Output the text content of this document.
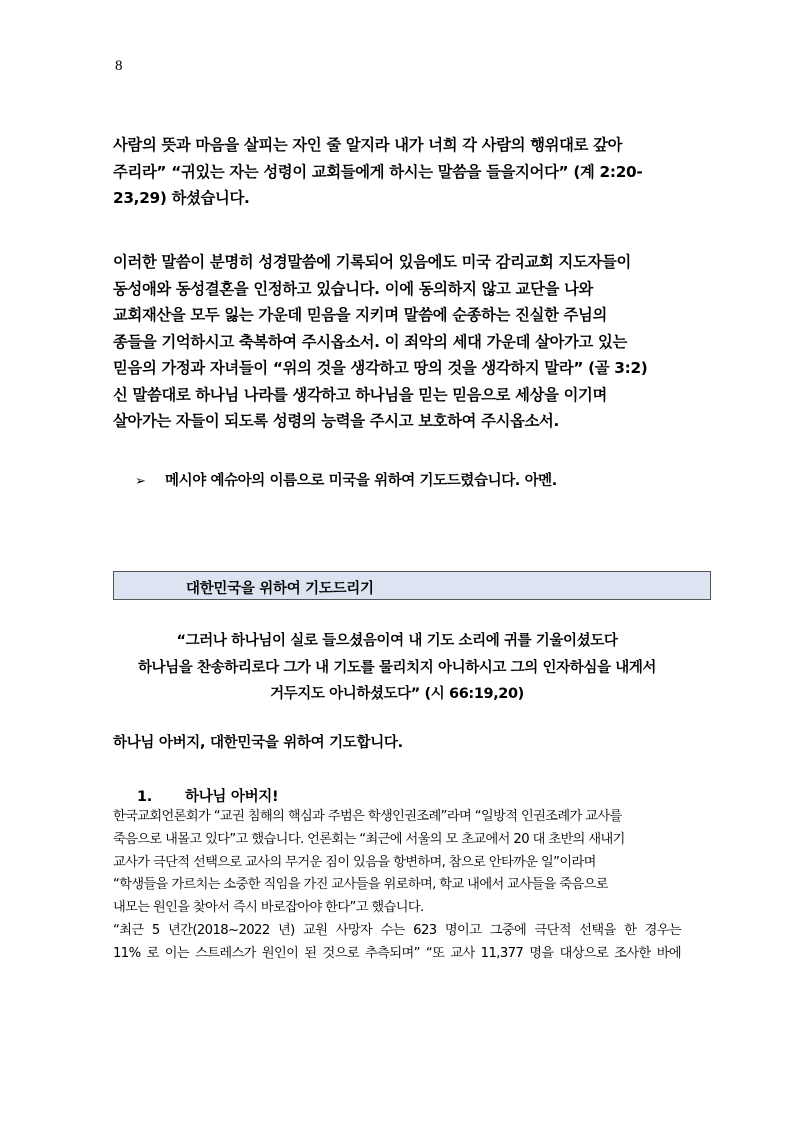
8
사람의 뜻과 마음을 살피는 자인 줄 알지라 내가 너희 각 사람의 행위대로 갚아
주리라” “귀있는 자는 성령이 교회들에게 하시는 말씀을 들을지어다” (계 2:20-
23,29) 하셨습니다.
이러한 말씀이 분명히 성경말씀에 기록되어 있음에도 미국 감리교회 지도자들이
동성애와 동성결혼을 인정하고 있습니다. 이에 동의하지 않고 교단을 나와
교회재산을 모두 잃는 가운데 믿음을 지키며 말씀에 순종하는 진실한 주님의
종들을 기억하시고 축복하여 주시옵소서. 이 죄악의 세대 가운데 살아가고 있는
믿음의 가정과 자녀들이 “위의 것을 생각하고 땅의 것을 생각하지 말라” (골 3:2)
신 말씀대로 하나님 나라를 생각하고 하나님을 믿는 믿음으로 세상을 이기며
살아가는 자들이 되도록 성령의 능력을 주시고 보호하여 주시옵소서.
➢ 메시야 예슈아의 이름으로 미국을 위하여 기도드렸습니다. 아멘.
대한민국을 위하여 기도드리기
“그러나 하나님이 실로 들으셨음이여 내 기도 소리에 귀를 기울이셨도다
하나님을 찬송하리로다 그가 내 기도를 물리치지 아니하시고 그의 인자하심을 내게서
거두지도 아니하셨도다” (시 66:19,20)
하나님 아버지, 대한민국을 위하여 기도합니다.
1. 하나님 아버지!
한국교회언론회가 “교권 침해의 핵심과 주범은 학생인권조례”라며 “일방적 인권조례가 교사를
죽음으로 내몰고 있다”고 했습니다. 언론회는 “최근에 서울의 모 초교에서 20 대 초반의 새내기
교사가 극단적 선택으로 교사의 무거운 짐이 있음을 항변하며, 참으로 안타까운 일”이라며
“학생들을 가르치는 소중한 직임을 가진 교사들을 위로하며, 학교 내에서 교사들을 죽음으로
내모는 원인을 찾아서 즉시 바로잡아야 한다”고 했습니다.
“최근 5 년간(2018~2022 년) 교원 사망자 수는 623 명이고 그중에 극단적 선택을 한 경우는
11% 로 이는 스트레스가 원인이 된 것으로 추측되며” “또 교사 11,377 명을 대상으로 조사한 바에
